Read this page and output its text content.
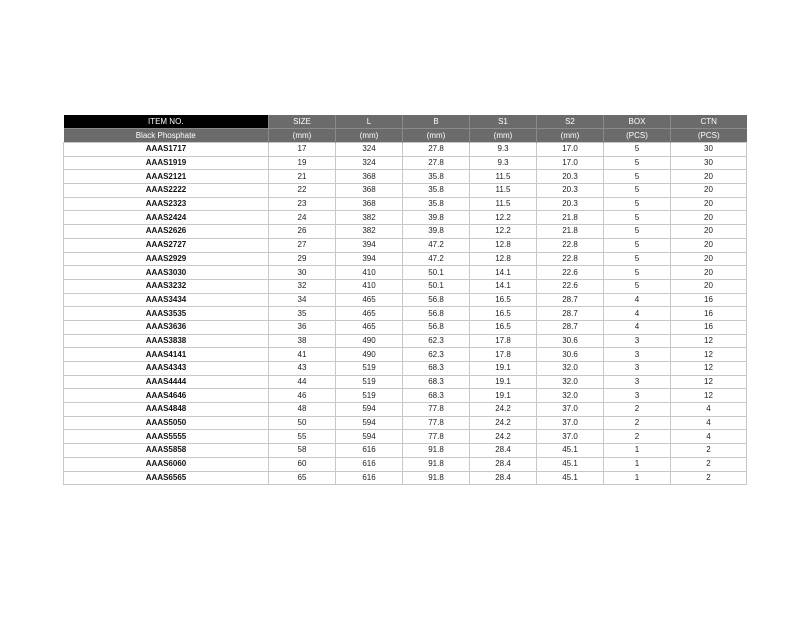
ITEM NO.	SIZE	L	B	S1	S2	BOX	CTN
Black Phosphate	(mm)	(mm)	(mm)	(mm)	(mm)	(PCS)	(PCS)
AAAS1717	17	324	27.8	9.3	17.0	5	30
AAAS1919	19	324	27.8	9.3	17.0	5	30
AAAS2121	21	368	35.8	11.5	20.3	5	20
AAAS2222	22	368	35.8	11.5	20.3	5	20
AAAS2323	23	368	35.8	11.5	20.3	5	20
AAAS2424	24	382	39.8	12.2	21.8	5	20
AAAS2626	26	382	39.8	12.2	21.8	5	20
AAAS2727	27	394	47.2	12.8	22.8	5	20
AAAS2929	29	394	47.2	12.8	22.8	5	20
AAAS3030	30	410	50.1	14.1	22.6	5	20
AAAS3232	32	410	50.1	14.1	22.6	5	20
AAAS3434	34	465	56.8	16.5	28.7	4	16
AAAS3535	35	465	56.8	16.5	28.7	4	16
AAAS3636	36	465	56.8	16.5	28.7	4	16
AAAS3838	38	490	62.3	17.8	30.6	3	12
AAAS4141	41	490	62.3	17.8	30.6	3	12
AAAS4343	43	519	68.3	19.1	32.0	3	12
AAAS4444	44	519	68.3	19.1	32.0	3	12
AAAS4646	46	519	68.3	19.1	32.0	3	12
AAAS4848	48	594	77.8	24.2	37.0	2	4
AAAS5050	50	594	77.8	24.2	37.0	2	4
AAAS5555	55	594	77.8	24.2	37.0	2	4
AAAS5858	58	616	91.8	28.4	45.1	1	2
AAAS6060	60	616	91.8	28.4	45.1	1	2
AAAS6565	65	616	91.8	28.4	45.1	1	2
